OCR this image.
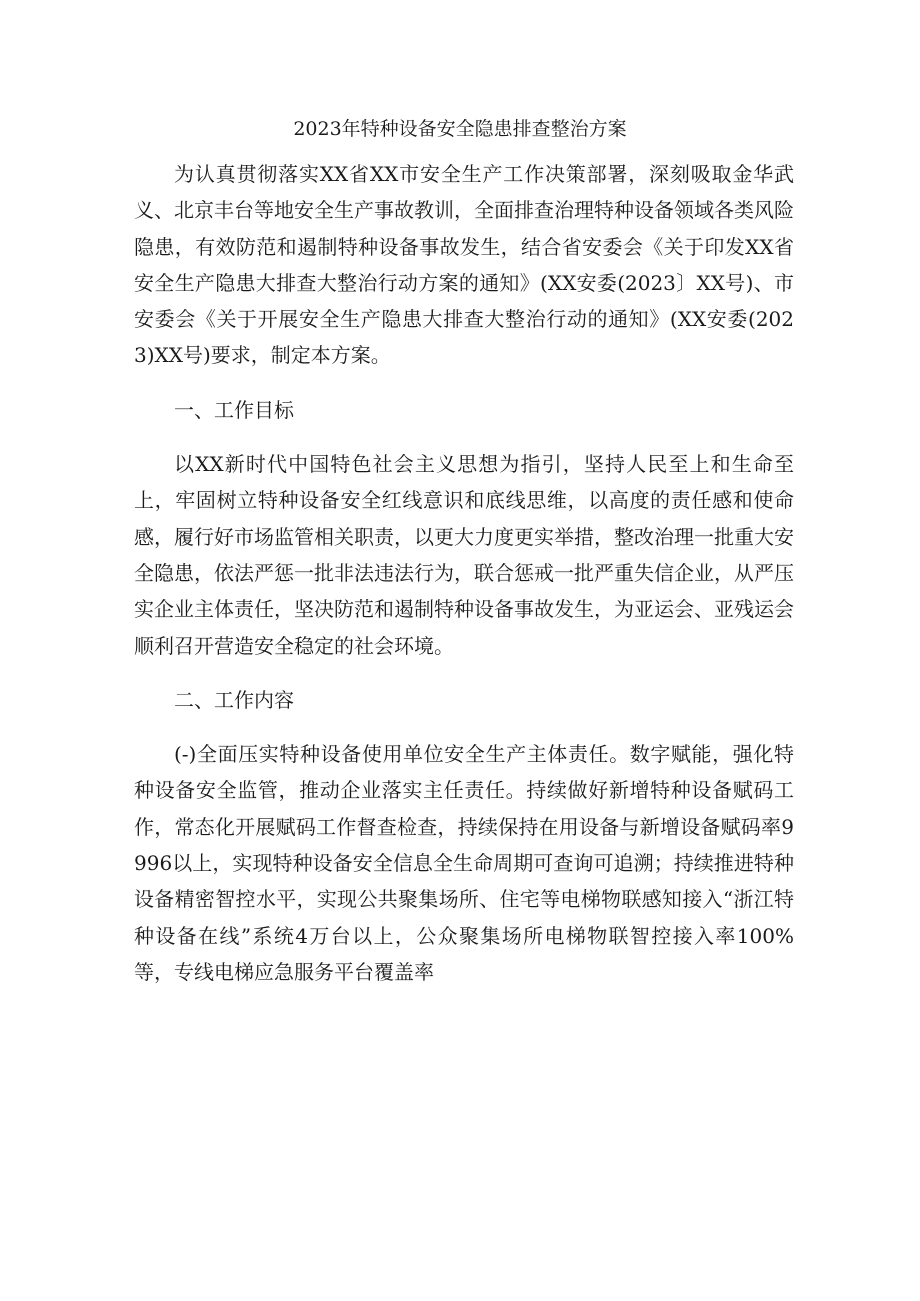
2023年特种设备安全隐患排查整治方案

为认真贯彻落实XX省XX市安全生产工作决策部署，深刻吸取金华武义、北京丰台等地安全生产事故教训，全面排查治理特种设备领域各类风险隐患，有效防范和遏制特种设备事故发生，结合省安委会《关于印发XX省安全生产隐患大排查大整治行动方案的通知》(XX安委(2023〕XX号)、市安委会《关于开展安全生产隐患大排查大整治行动的通知》(XX安委(2023)XX号)要求，制定本方案。

一、工作目标

以XX新时代中国特色社会主义思想为指引，坚持人民至上和生命至上，牢固树立特种设备安全红线意识和底线思维，以高度的责任感和使命感，履行好市场监管相关职责，以更大力度更实举措，整改治理一批重大安全隐患，依法严惩一批非法违法行为，联合惩戒一批严重失信企业，从严压实企业主体责任，坚决防范和遏制特种设备事故发生，为亚运会、亚残运会顺利召开营造安全稳定的社会环境。

二、工作内容

(-)全面压实特种设备使用单位安全生产主体责任。数字赋能，强化特种设备安全监管，推动企业落实主任责任。持续做好新增特种设备赋码工作，常态化开展赋码工作督查检查，持续保持在用设备与新增设备赋码率9996以上，实现特种设备安全信息全生命周期可查询可追溯；持续推进特种设备精密智控水平，实现公共聚集场所、住宅等电梯物联感知接入“浙江特种设备在线”系统4万台以上，公众聚集场所电梯物联智控接入率100%等，专线电梯应急服务平台覆盖率
